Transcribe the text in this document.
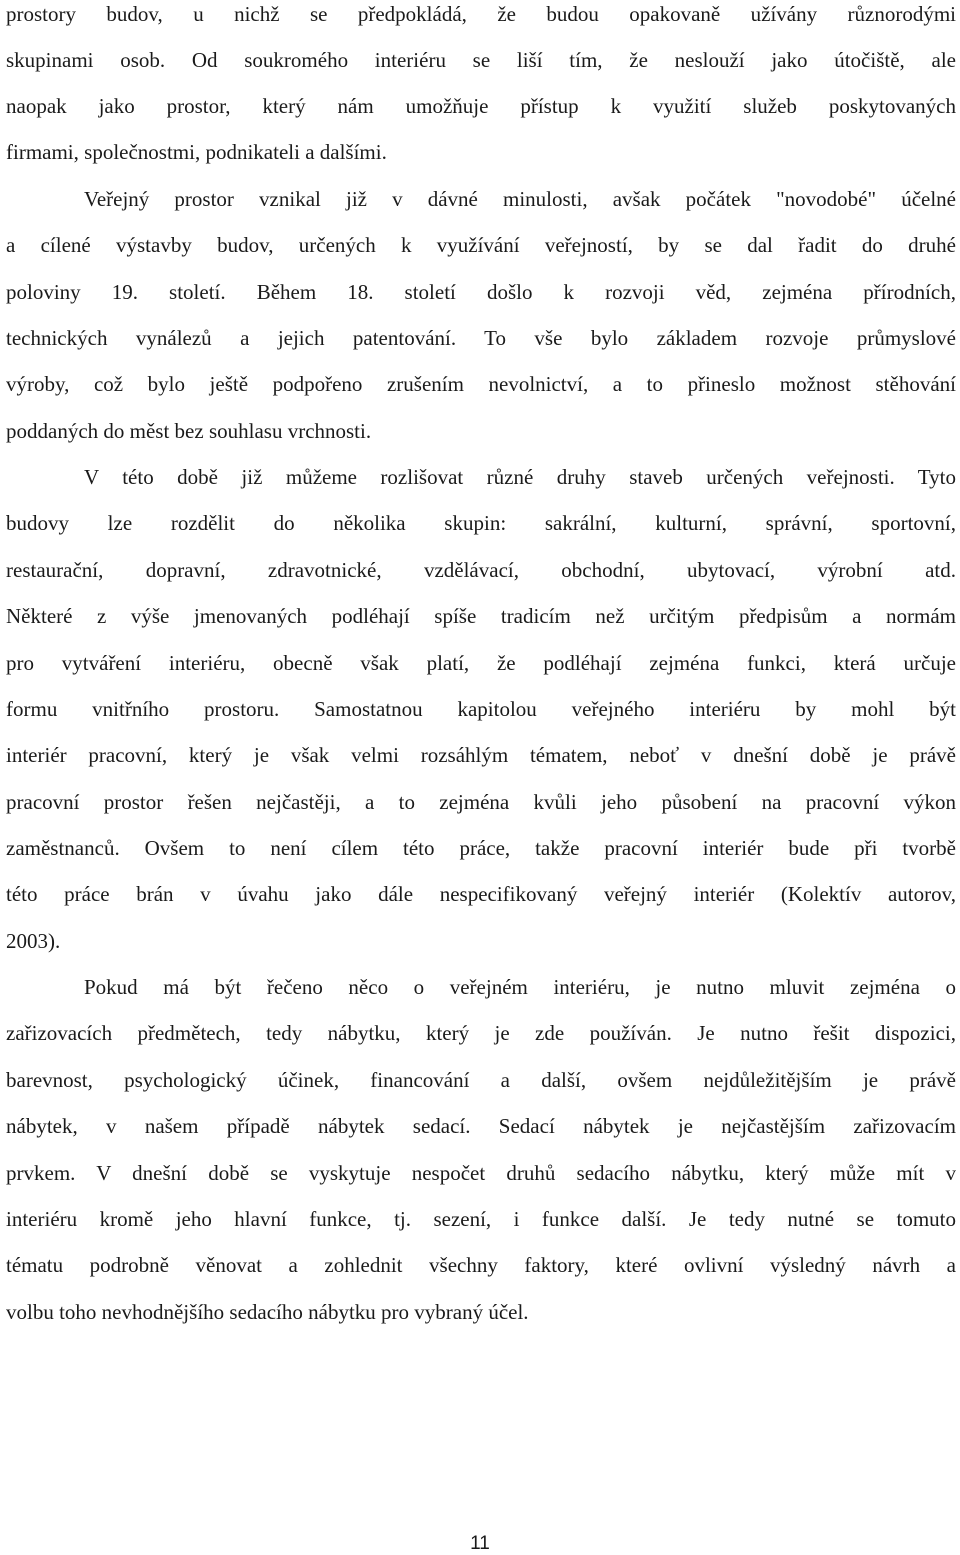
prostory budov, u nichž se předpokládá, že budou opakovaně užívány různorodými
skupinami osob. Od soukromého interiéru se liší tím, že neslouží jako útočiště, ale
naopak jako prostor, který nám umožňuje přístup k využití služeb poskytovaných
firmami, společnostmi, podnikateli a dalšími.
Veřejný prostor vznikal již v dávné minulosti, avšak počátek "novodobé" účelné
a cílené výstavby budov, určených k využívání veřejností, by se dal řadit do druhé
poloviny 19. století. Během 18. století došlo k rozvoji věd, zejména přírodních,
technických vynálezů a jejich patentování. To vše bylo základem rozvoje průmyslové
výroby, což bylo ještě podpořeno zrušením nevolnictví, a to přineslo možnost stěhování
poddaných do měst bez souhlasu vrchnosti.
V této době již můžeme rozlišovat různé druhy staveb určených veřejnosti. Tyto
budovy lze rozdělit do několika skupin: sakrální, kulturní, správní, sportovní,
restaurační, dopravní, zdravotnické, vzdělávací, obchodní, ubytovací, výrobní atd.
Některé z výše jmenovaných podléhají spíše tradicím než určitým předpisům a normám
pro vytváření interiéru, obecně však platí, že podléhají zejména funkci, která určuje
formu vnitřního prostoru. Samostatnou kapitolou veřejného interiéru by mohl být
interiér pracovní, který je však velmi rozsáhlým tématem, neboť v dnešní době je právě
pracovní prostor řešen nejčastěji, a to zejména kvůli jeho působení na pracovní výkon
zaměstnanců. Ovšem to není cílem této práce, takže pracovní interiér bude při tvorbě
této práce brán v úvahu jako dále nespecifikovaný veřejný interiér (Kolektív autorov,
2003).
Pokud má být řečeno něco o veřejném interiéru, je nutno mluvit zejména o
zařizovacích předmětech, tedy nábytku, který je zde používán. Je nutno řešit dispozici,
barevnost, psychologický účinek, financování a další, ovšem nejdůležitějším je právě
nábytek, v našem případě nábytek sedací. Sedací nábytek je nejčastějším zařizovacím
prvkem. V dnešní době se vyskytuje nespočet druhů sedacího nábytku, který může mít v
interiéru kromě jeho hlavní funkce, tj. sezení, i funkce další. Je tedy nutné se tomuto
tématu podrobně věnovat a zohlednit všechny faktory, které ovlivní výsledný návrh a
volbu toho nevhodnějšího sedacího nábytku pro vybraný účel.
11
